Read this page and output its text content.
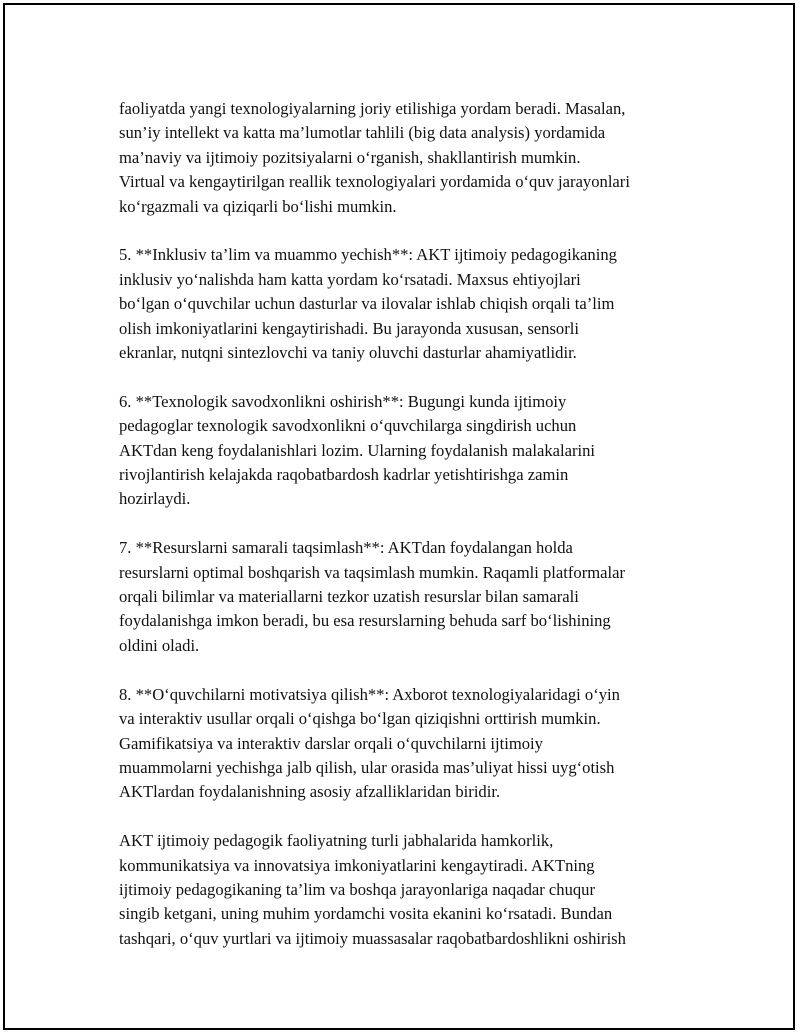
faoliyatda yangi texnologiyalarning joriy etilishiga yordam beradi. Masalan,
sun’iy intellekt va katta ma’lumotlar tahlili (big data analysis) yordamida
ma’naviy va ijtimoiy pozitsiyalarni o‘rganish, shakllantirish mumkin.
Virtual va kengaytirilgan reallik texnologiyalari yordamida o‘quv jarayonlari
ko‘rgazmali va qiziqarli bo‘lishi mumkin.

5. **Inklusiv ta’lim va muammo yechish**: AKT ijtimoiy pedagogikaning
inklusiv yo‘nalishda ham katta yordam ko‘rsatadi. Maxsus ehtiyojlari
bo‘lgan o‘quvchilar uchun dasturlar va ilovalar ishlab chiqish orqali ta’lim
olish imkoniyatlarini kengaytirishadi. Bu jarayonda xususan, sensorli
ekranlar, nutqni sintezlovchi va taniy oluvchi dasturlar ahamiyatlidir.

6. **Texnologik savodxonlikni oshirish**: Bugungi kunda ijtimoiy
pedagoglar texnologik savodxonlikni o‘quvchilarga singdirish uchun
AKTdan keng foydalanishlari lozim. Ularning foydalanish malakalarini
rivojlantirish kelajakda raqobatbardosh kadrlar yetishtirishga zamin
hozirlaydi.

7. **Resurslarni samarali taqsimlash**: AKTdan foydalangan holda
resurslarni optimal boshqarish va taqsimlash mumkin. Raqamli platformalar
orqali bilimlar va materiallarni tezkor uzatish resurslar bilan samarali
foydalanishga imkon beradi, bu esa resurslarning behuda sarf bo‘lishining
oldini oladi.

8. **O‘quvchilarni motivatsiya qilish**: Axborot texnologiyalaridagi o‘yin
va interaktiv usullar orqali o‘qishga bo‘lgan qiziqishni orttirish mumkin.
Gamifikatsiya va interaktiv darslar orqali o‘quvchilarni ijtimoiy
muammolarni yechishga jalb qilish, ular orasida mas’uliyat hissi uyg‘otish
AKTlardan foydalanishning asosiy afzalliklaridan biridir.

AKT ijtimoiy pedagogik faoliyatning turli jabhalarida hamkorlik,
kommunikatsiya va innovatsiya imkoniyatlarini kengaytiradi. AKTning
ijtimoiy pedagogikaning ta’lim va boshqa jarayonlariga naqadar chuqur
singib ketgani, uning muhim yordamchi vosita ekanini ko‘rsatadi. Bundan
tashqari, o‘quv yurtlari va ijtimoiy muassasalar raqobatbardoshlikni oshirish
